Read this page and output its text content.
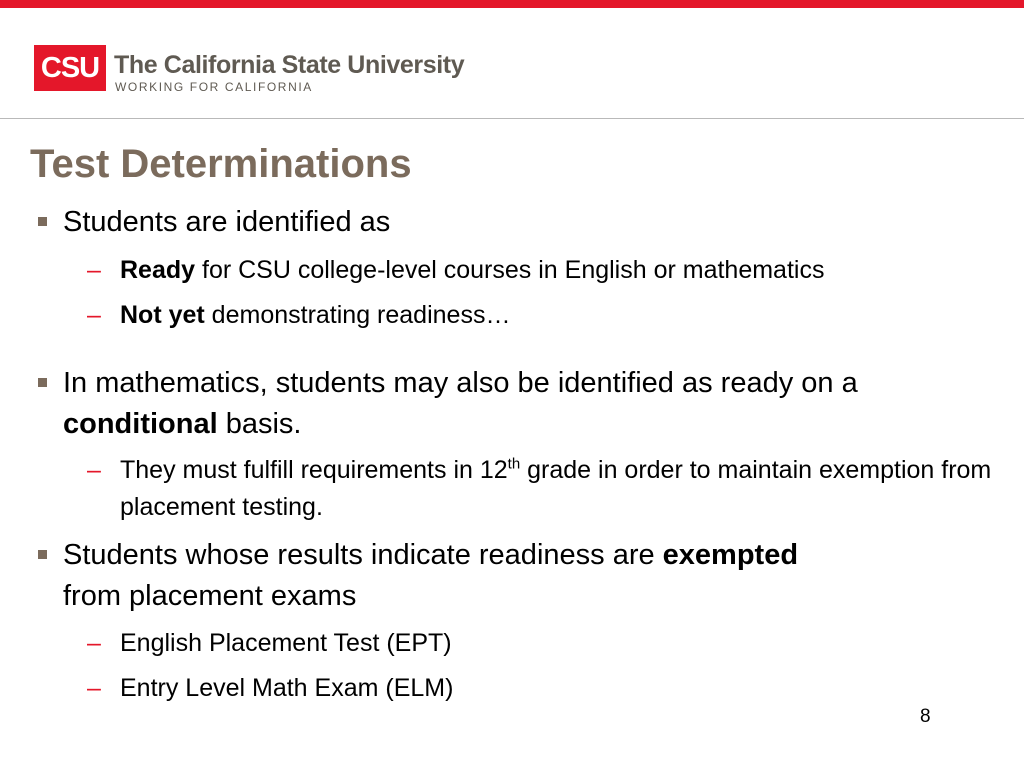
CSU The California State University
WORKING FOR CALIFORNIA
Test Determinations
Students are identified as
– Ready for CSU college-level courses in English or mathematics
– Not yet demonstrating readiness…
In mathematics, students may also be identified as ready on a conditional basis.
– They must fulfill requirements in 12th grade in order to maintain exemption from placement testing.
Students whose results indicate readiness are exempted
from placement exams
– English Placement Test (EPT)
– Entry Level Math Exam (ELM)
8
